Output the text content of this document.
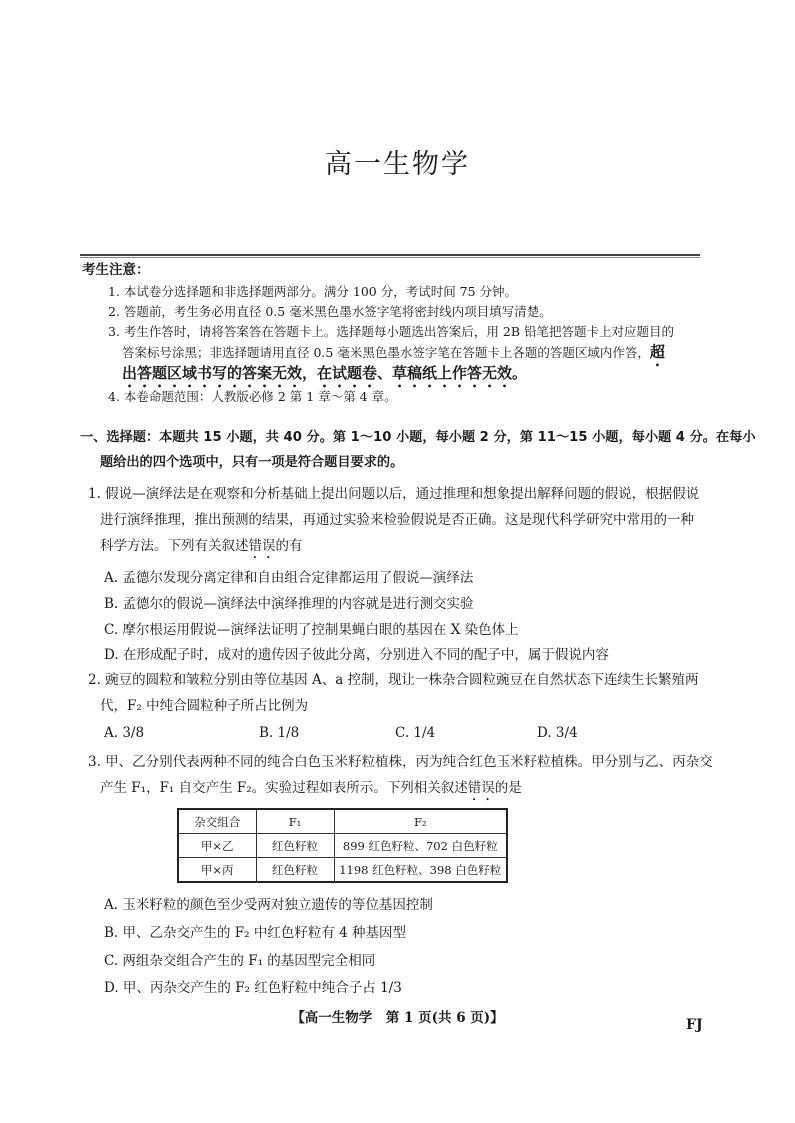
高一生物学
考生注意：
1. 本试卷分选择题和非选择题两部分。满分 100 分，考试时间 75 分钟。
2. 答题前，考生务必用直径 0.5 毫米黑色墨水签字笔将密封线内项目填写清楚。
3. 考生作答时，请将答案答在答题卡上。选择题每小题选出答案后，用 2B 铅笔把答题卡上对应题目的
答案标号涂黑；非选择题请用直径 0.5 毫米黑色墨水签字笔在答题卡上各题的答题区域内作答，超
出答题区域书写的答案无效，在试题卷、草稿纸上作答无效。
4. 本卷命题范围：人教版必修 2 第 1 章～第 4 章。
一、选择题：本题共 15 小题，共 40 分。第 1～10 小题，每小题 2 分，第 11～15 小题，每小题 4 分。在每小
题给出的四个选项中，只有一项是符合题目要求的。
1. 假说—演绎法是在观察和分析基础上提出问题以后，通过推理和想象提出解释问题的假说，根据假说
进行演绎推理，推出预测的结果，再通过实验来检验假说是否正确。这是现代科学研究中常用的一种
科学方法。下列有关叙述错误的有
A. 孟德尔发现分离定律和自由组合定律都运用了假说—演绎法
B. 孟德尔的假说—演绎法中演绎推理的内容就是进行测交实验
C. 摩尔根运用假说—演绎法证明了控制果蝇白眼的基因在 X 染色体上
D. 在形成配子时，成对的遗传因子彼此分离，分别进入不同的配子中，属于假说内容
2. 豌豆的圆粒和皱粒分别由等位基因 A、a 控制，现让一株杂合圆粒豌豆在自然状态下连续生长繁殖两
代，F₂ 中纯合圆粒种子所占比例为
A. 3/8	B. 1/8	C. 1/4	D. 3/4
3. 甲、乙分别代表两种不同的纯合白色玉米籽粒植株，丙为纯合红色玉米籽粒植株。甲分别与乙、丙杂交
产生 F₁，F₁ 自交产生 F₂。实验过程如表所示。下列相关叙述错误的是
杂交组合	F₁	F₂
甲×乙	红色籽粒	899 红色籽粒、702 白色籽粒
甲×丙	红色籽粒	1198 红色籽粒、398 白色籽粒
A. 玉米籽粒的颜色至少受两对独立遗传的等位基因控制
B. 甲、乙杂交产生的 F₂ 中红色籽粒有 4 种基因型
C. 两组杂交组合产生的 F₁ 的基因型完全相同
D. 甲、丙杂交产生的 F₂ 红色籽粒中纯合子占 1/3
【高一生物学　第 1 页(共 6 页)】	FJ
